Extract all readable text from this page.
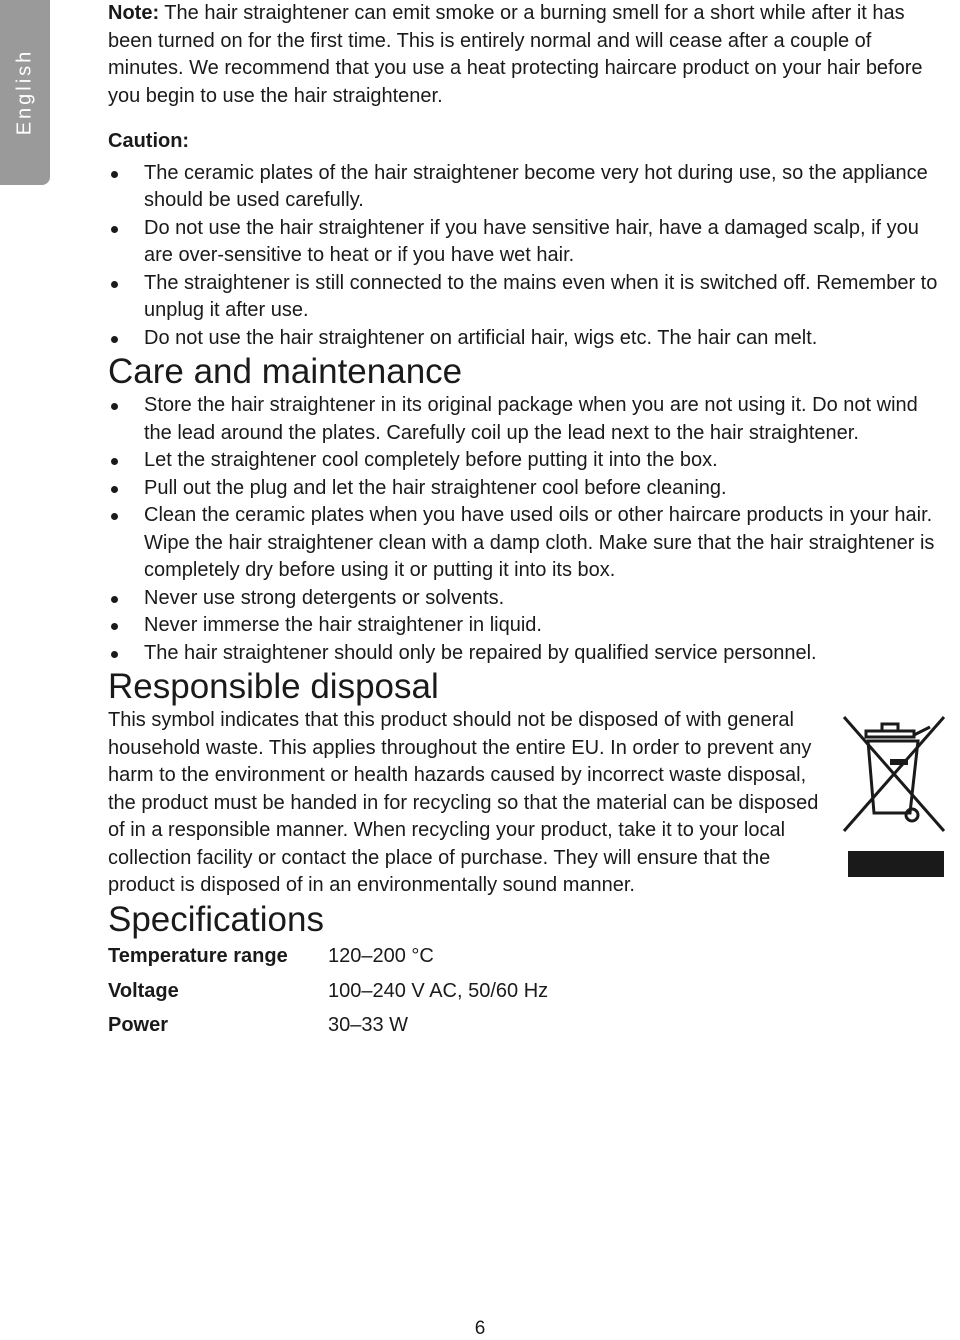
English

Note: The hair straightener can emit smoke or a burning smell for a short while after it has been turned on for the first time. This is entirely normal and will cease after a couple of minutes. We recommend that you use a heat protecting haircare product on your hair before you begin to use the hair straightener.

Caution:
The ceramic plates of the hair straightener become very hot during use, so the appliance should be used carefully.
Do not use the hair straightener if you have sensitive hair, have a damaged scalp, if you are over-sensitive to heat or if you have wet hair.
The straightener is still connected to the mains even when it is switched off. Remember to unplug it after use.
Do not use the hair straightener on artificial hair, wigs etc. The hair can melt.
Care and maintenance
Store the hair straightener in its original package when you are not using it. Do not wind the lead around the plates. Carefully coil up the lead next to the hair straightener.
Let the straightener cool completely before putting it into the box.
Pull out the plug and let the hair straightener cool before cleaning.
Clean the ceramic plates when you have used oils or other haircare products in your hair. Wipe the hair straightener clean with a damp cloth. Make sure that the hair straightener is completely dry before using it or putting it into its box.
Never use strong detergents or solvents.
Never immerse the hair straightener in liquid.
The hair straightener should only be repaired by qualified service personnel.
Responsible disposal

This symbol indicates that this product should not be disposed of with general household waste. This applies throughout the entire EU. In order to prevent any harm to the environment or health hazards caused by incorrect waste disposal, the product must be handed in for recycling so that the material can be disposed of in a responsible manner. When recycling your product, take it to your local collection facility or contact the place of purchase. They will ensure that the product is disposed of in an environmentally sound manner.

Specifications
Temperature range	120–200 °C
Voltage	100–240 V AC, 50/60 Hz
Power	30–33 W
6
